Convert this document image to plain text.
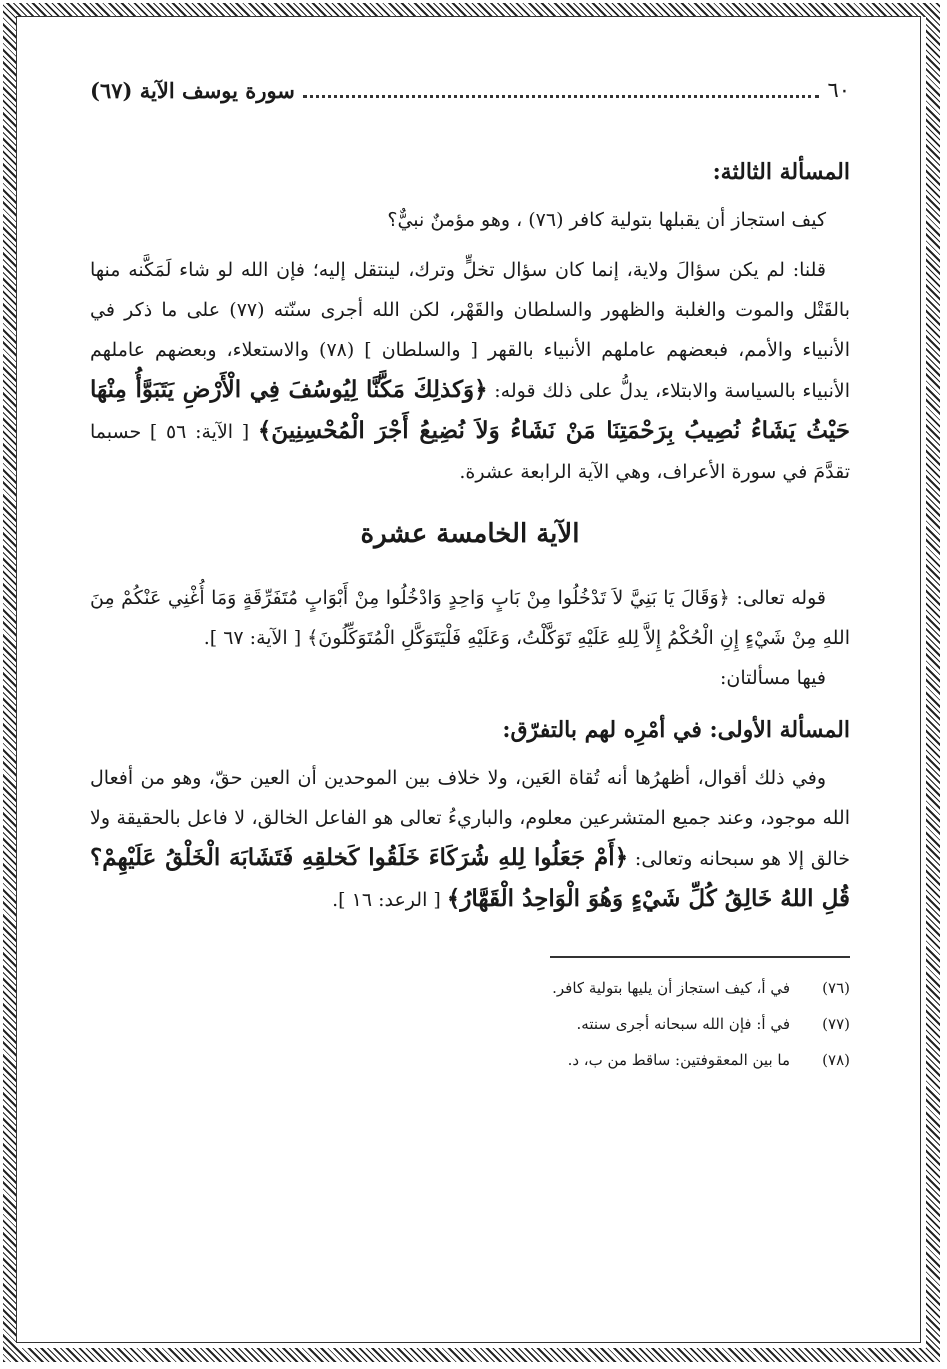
٦٠
سورة يوسف الآية (٦٧)
المسألة الثالثة:

كيف استجاز أن يقبلها بتولية كافر (٧٦) ، وهو مؤمنٌ نبيٌّ؟

قلنا: لم يكن سؤالَ ولاية، إنما كان سؤال تخلٍّ وترك، لينتقل إليه؛ فإن الله لو شاء لَمَكَّنه منها بالقَتْل والموت والغلبة والظهور والسلطان والقَهْر، لكن الله أجرى سنّته (٧٧) على ما ذكر في الأنبياء والأمم، فبعضهم عاملهم الأنبياء بالقهر [ والسلطان ] (٧٨) والاستعلاء، وبعضهم عاملهم الأنبياء بالسياسة والابتلاء، يدلُّ على ذلك قوله: ﴿وَكذلِكَ مَكَّنَّا لِيُوسُفَ فِي الْأَرْضِ يَتَبَوَّأُ مِنْهَا حَيْثُ يَشَاءُ نُصِيبُ بِرَحْمَتِنَا مَنْ نَشَاءُ وَلاَ نُضِيعُ أَجْرَ الْمُحْسِنِينَ﴾ [ الآية: ٥٦ ] حسبما تقدَّمَ في سورة الأعراف، وهي الآية الرابعة عشرة.

الآية الخامسة عشرة

قوله تعالى: ﴿وَقَالَ يَا بَنِيَّ لاَ تَدْخُلُوا مِنْ بَابٍ وَاحِدٍ وَادْخُلُوا مِنْ أَبْوَابٍ مُتَفَرِّقَةٍ وَمَا أُغْنِي عَنْكُمْ مِنَ اللهِ مِنْ شَيْءٍ إِنِ الْحُكْمُ إِلاَّ لِلهِ عَلَيْهِ تَوَكَّلْتُ، وَعَلَيْهِ فَلْيَتَوَكَّلِ الْمُتَوَكِّلُونَ﴾ [ الآية: ٦٧ ].

فيها مسألتان:

المسألة الأولى: في أمْرِه لهم بالتفرّق:

وفي ذلك أقوال، أظهرُها أنه تُقاة العَين، ولا خلاف بين الموحدين أن العين حقّ، وهو من أفعال الله موجود، وعند جميع المتشرعين معلوم، والباريءُ تعالى هو الفاعل الخالق، لا فاعل بالحقيقة ولا خالق إلا هو سبحانه وتعالى: ﴿أَمْ جَعَلُوا لِلهِ شُرَكَاءَ خَلَقُوا كَخلقِهِ فَتَشَابَهَ الْخَلْقُ عَلَيْهِمْ؟ قُلِ اللهُ خَالِقُ كُلِّ شَيْءٍ وَهُوَ الْوَاحِدُ الْقَهَّارُ﴾ [ الرعد: ١٦ ].

(٧٦)
في أ، كيف استجاز أن يليها بتولية كافر.
(٧٧)
في أ: فإن الله سبحانه أجرى سنته.
(٧٨)
ما بين المعقوفتين: ساقط من ب، د.
